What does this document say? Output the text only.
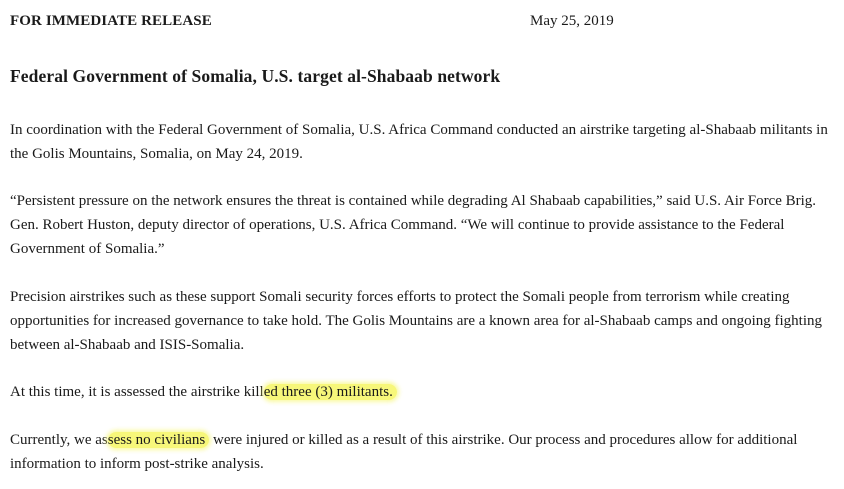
FOR IMMEDIATE RELEASE	May 25, 2019
Federal Government of Somalia, U.S. target al-Shabaab network

In coordination with the Federal Government of Somalia, U.S. Africa Command conducted an airstrike targeting al-Shabaab militants in the Golis Mountains, Somalia, on May 24, 2019.

“Persistent pressure on the network ensures the threat is contained while degrading Al Shabaab capabilities,” said U.S. Air Force Brig. Gen. Robert Huston, deputy director of operations, U.S. Africa Command. “We will continue to provide assistance to the Federal Government of Somalia.”

Precision airstrikes such as these support Somali security forces efforts to protect the Somali people from terrorism while creating opportunities for increased governance to take hold. The Golis Mountains are a known area for al-Shabaab camps and ongoing fighting between al-Shabaab and ISIS-Somalia.

At this time, it is assessed the airstrike killed three (3) militants.

Currently, we assess no civilians were injured or killed as a result of this airstrike. Our process and procedures allow for additional information to inform post-strike analysis.
